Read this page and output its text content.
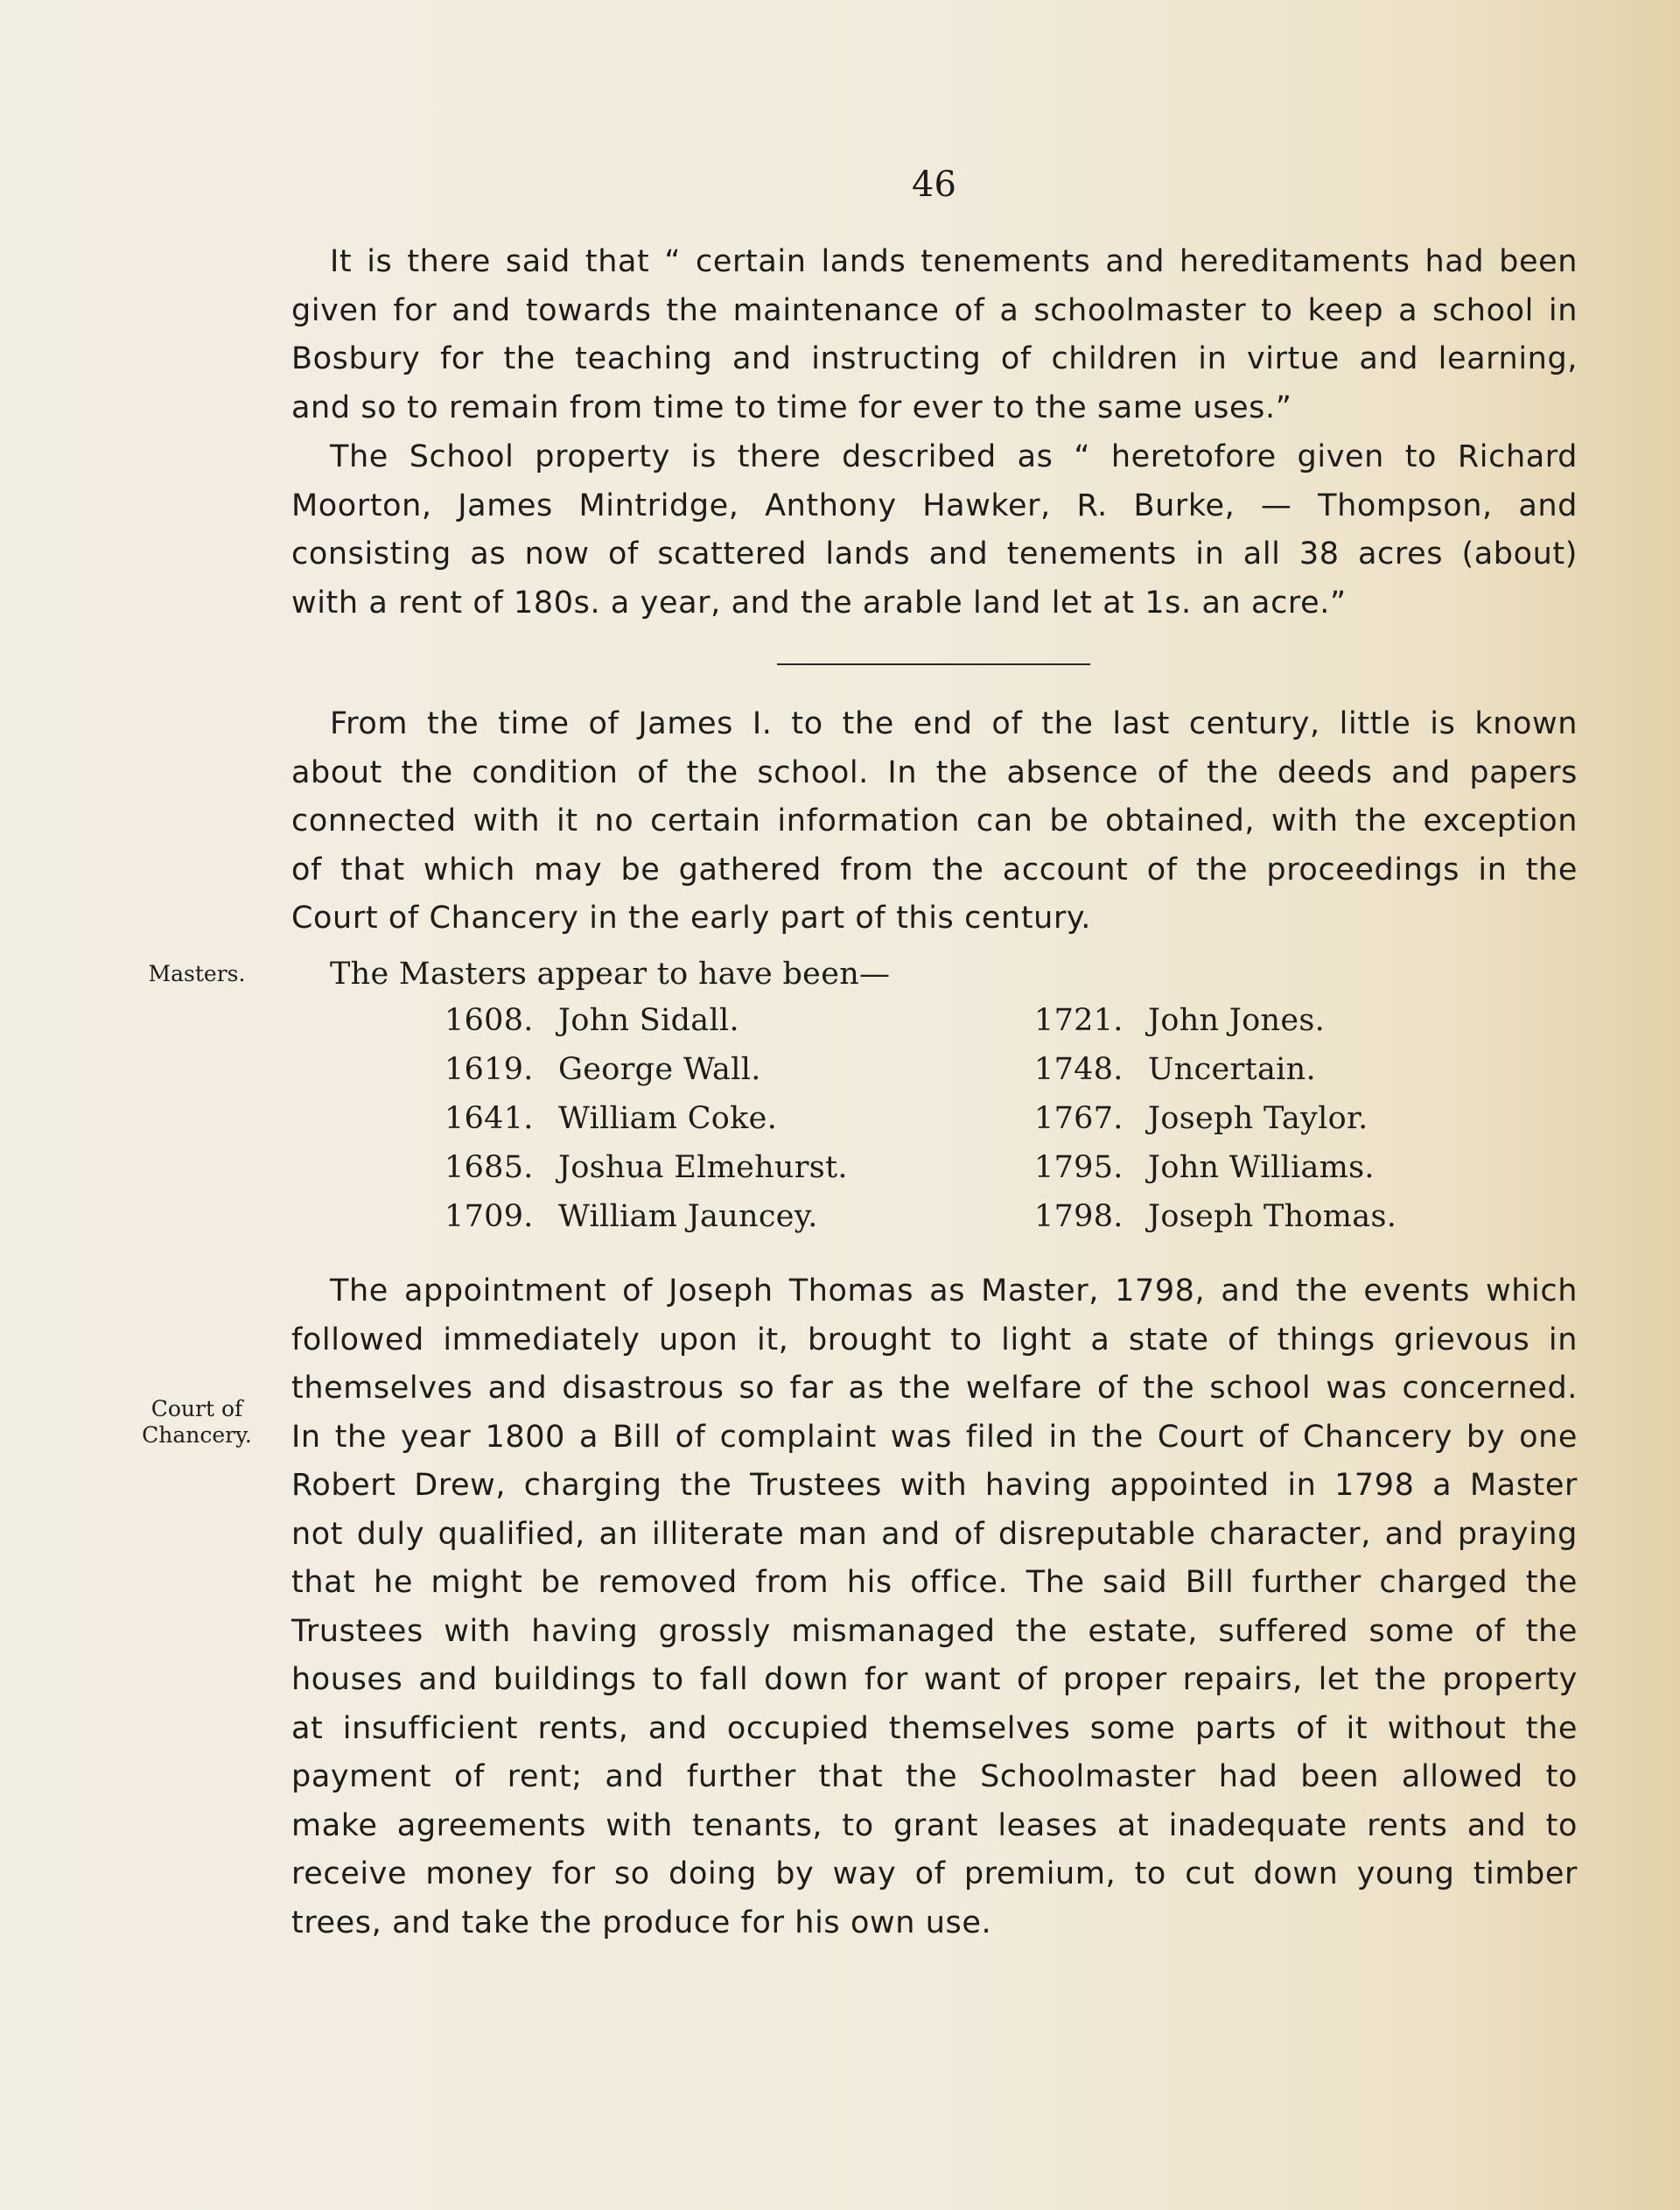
46
It is there said that “ certain lands tenements and hereditaments had been
given for and towards the maintenance of a schoolmaster to keep a school in
Bosbury for the teaching and instructing of children in virtue and learning,
and so to remain from time to time for ever to the same uses.”
The School property is there described as “ heretofore given to Richard
Moorton, James Mintridge, Anthony Hawker, R. Burke, — Thompson, and
consisting as now of scattered lands and tenements in all 38 acres (about)
with a rent of 180s. a year, and the arable land let at 1s. an acre.”
From the time of James I. to the end of the last century, little is known
about the condition of the school. In the absence of the deeds and papers
connected with it no certain information can be obtained, with the exception
of that which may be gathered from the account of the proceedings in the
Court of Chancery in the early part of this century.
Masters.	The Masters appear to have been—
1608. John Sidall.
1619. George Wall.
1641. William Coke.
1685. Joshua Elmehurst.
1709. William Jauncey.
1721. John Jones.
1748. Uncertain.
1767. Joseph Taylor.
1795. John Williams.
1798. Joseph Thomas.
Court of
Chancery.
The appointment of Joseph Thomas as Master, 1798, and the events which
followed immediately upon it, brought to light a state of things grievous in
themselves and disastrous so far as the welfare of the school was concerned.
In the year 1800 a Bill of complaint was filed in the Court of Chancery by one
Robert Drew, charging the Trustees with having appointed in 1798 a Master
not duly qualified, an illiterate man and of disreputable character, and praying
that he might be removed from his office. The said Bill further charged the
Trustees with having grossly mismanaged the estate, suffered some of the
houses and buildings to fall down for want of proper repairs, let the property
at insufficient rents, and occupied themselves some parts of it without the
payment of rent; and further that the Schoolmaster had been allowed to
make agreements with tenants, to grant leases at inadequate rents and to
receive money for so doing by way of premium, to cut down young timber
trees, and take the produce for his own use.
